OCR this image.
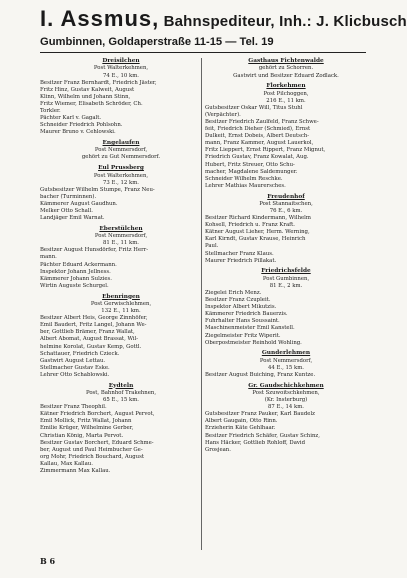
I. Assmus, Bahnspediteur, Inh.: J. Klicbusch
Gumbinnen, Goldaperstraße 11-15 — Tel. 19
Dreisilchen
Post Walterkehmen,
74 E., 10 km.
Besitzer Franz Bernhardt, Friedrich Jäster,
Fritz Hinz, Gustav Kalweit, August
Klinn, Wilhelm und Johann Stinn,
Fritz Wiemer, Elisabeth Schröder, Ch.
Torkler.
Pächter Karl v. Gagalt.
Schneider Friedrich Pohlsohn.
Maurer Bruno v. Cehlowski.
Engelaufen
Post Nemmersdorf,
gehört zu Gut Nemmersdorf.
Eul Prussberg
Post Walterkehmen,
73 E., 12 km.
Gutsbesitzer Wilhelm Stumpe, Franz Neu-
bacher (Turminnen).
Kämmerer August Gaudhun.
Melker Otto Schall.
Landjäger Emil Warnat.
Eberstülchen
Post Nemmersdorf,
81 E., 11 km.
Besitzer August Hunsdörfer, Fritz Herr-
mann.
Pächter Eduard Ackermann.
Inspektor Johann Jellness.
Kämmerer Johann Sulzies.
Wirtin Auguste Schurgel.
Ebenringen
Post Gerwischlehmen,
132 E., 11 km.
Besitzer Albert Heis, George Zinnhöfer,
Emil Baudert, Fritz Langel, Johann We-
ber, Gottlieb Brämer, Franz Wallat,
Albert Abomat, August Brassat, Wil-
helmine Korolat, Gustav Kemp, Gottl.
Schattauer, Friedrich Czieck.
Gastwirt August Lettau.
Stellmacher Gustav Eske.
Lehrer Otto Schablowski.
Eydteln
Post, Bahnhof Trakehnen,
65 E., 15 km.
Besitzer Franz Theophil.
Kätner Friedrich Borchert, August Pervot,
Emil Mollick, Fritz Wallat, Johann
Emilie Krüger, Wilhelmine Gerber,
Christian König, Marta Pervot.
Besitzer Gustav Borchert, Eduard Schme-
ber, August und Paul Heimbucher Ge-
org Mohr, Friedrich Bouchard, August
Kallau, Max Kallau.
Zimmermann Max Kallau.
Gasthaus Fichtenwalde
gehört zu Schorren.
Gastwirt und Besitzer Eduard Zodlack.
Florkehmen
Post Pilchoggen,
216 E., 11 km.
Gutsbesitzer Oskar Will, Titus Stuhl
(Verpächter).
Besitzer Friedrich Zaulfeld, Franz Schwe-
feit, Friedrich Dieher (Schmied), Ernst
Dulkeit, Ernst Dobeis, Albert Deutsch-
mann, Franz Kammer, August Lauerkol,
Fritz Lieppert, Ernst Rippert, Franz Mignut,
Friedrich Gustav, Franz Kowalat, Aug.
Hubert, Fritz Streuer, Otto Schu-
macher, Magdalene Saldemunger.
Schneider Wilhelm Reschke.
Lehrer Mathias Maurersches.
Freudenhof
Post Stannaitschen,
76 E., 6 km.
Besitzer Richard Kindermann, Wilhelm
Kohsell, Friedrich u. Franz Kraft.
Kätner August Lieher, Herm. Werning,
Karl Kirndt, Gustav Krause, Heinrich
Paul.
Stellmacher Franz Klaus.
Maurer Friedrich Pillakat.
Friedrichsfelde
Post Gumbinnen,
81 E., 2 km.
Ziegelei Erich Menz.
Besitzer Franz Czupleit.
Inspektor Albert Mikutzis.
Kämmerer Friedrich Bauerzis.
Fuhrhalter Hans Soussaint.
Maschinenmeister Emil Kanstell.
Ziegelmeister Fritz Wiperit.
Oberpostmeister Reinhold Wohling.
Gunderlehmen
Post Nemmersdorf,
44 E., 15 km.
Besitzer August Buiching, Franz Kuntze.
Gr. Gaudschichkehmen
Post Szuwoitschkehmen,
(Kr. Insterburg)
87 E., 14 km.
Gutsbesitzer Franz Pauker, Karl Baudelz
Albert Gaugain, Otto Rinn.
Erzieherin Käte Gehlhaar.
Besitzer Friedrich Schäfer, Gustav Schinz,
Hans Häcker, Gottlieb Rohloff, David
Grosjean.
B 6
